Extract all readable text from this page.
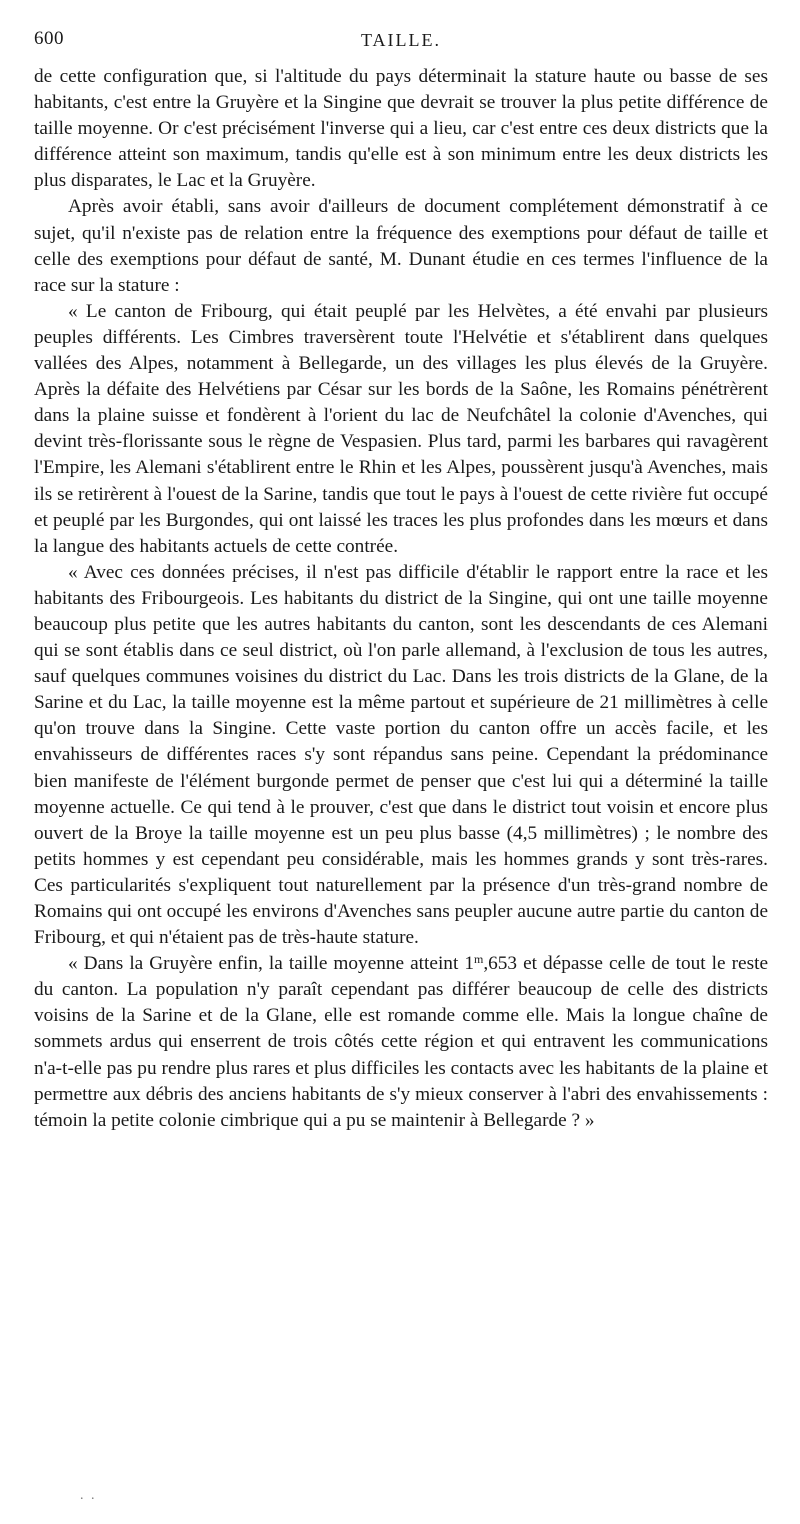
600	TAILLE.

de cette configuration que, si l'altitude du pays déterminait la stature haute ou basse de ses habitants, c'est entre la Gruyère et la Singine que devrait se trouver la plus petite différence de taille moyenne. Or c'est précisément l'inverse qui a lieu, car c'est entre ces deux districts que la différence atteint son maximum, tandis qu'elle est à son minimum entre les deux districts les plus disparates, le Lac et la Gruyère.

Après avoir établi, sans avoir d'ailleurs de document complétement démonstratif à ce sujet, qu'il n'existe pas de relation entre la fréquence des exemptions pour défaut de taille et celle des exemptions pour défaut de santé, M. Dunant étudie en ces termes l'influence de la race sur la stature :

« Le canton de Fribourg, qui était peuplé par les Helvètes, a été envahi par plusieurs peuples différents. Les Cimbres traversèrent toute l'Helvétie et s'établirent dans quelques vallées des Alpes, notamment à Bellegarde, un des villages les plus élevés de la Gruyère. Après la défaite des Helvétiens par César sur les bords de la Saône, les Romains pénétrèrent dans la plaine suisse et fondèrent à l'orient du lac de Neufchâtel la colonie d'Avenches, qui devint très-florissante sous le règne de Vespasien. Plus tard, parmi les barbares qui ravagèrent l'Empire, les Alemani s'établirent entre le Rhin et les Alpes, poussèrent jusqu'à Avenches, mais ils se retirèrent à l'ouest de la Sarine, tandis que tout le pays à l'ouest de cette rivière fut occupé et peuplé par les Burgondes, qui ont laissé les traces les plus profondes dans les mœurs et dans la langue des habitants actuels de cette contrée.

« Avec ces données précises, il n'est pas difficile d'établir le rapport entre la race et les habitants des Fribourgeois. Les habitants du district de la Singine, qui ont une taille moyenne beaucoup plus petite que les autres habitants du canton, sont les descendants de ces Alemani qui se sont établis dans ce seul district, où l'on parle allemand, à l'exclusion de tous les autres, sauf quelques communes voisines du district du Lac. Dans les trois districts de la Glane, de la Sarine et du Lac, la taille moyenne est la même partout et supérieure de 21 millimètres à celle qu'on trouve dans la Singine. Cette vaste portion du canton offre un accès facile, et les envahisseurs de différentes races s'y sont répandus sans peine. Cependant la prédominance bien manifeste de l'élément burgonde permet de penser que c'est lui qui a déterminé la taille moyenne actuelle. Ce qui tend à le prouver, c'est que dans le district tout voisin et encore plus ouvert de la Broye la taille moyenne est un peu plus basse (4,5 millimètres) ; le nombre des petits hommes y est cependant peu considérable, mais les hommes grands y sont très-rares. Ces particularités s'expliquent tout naturellement par la présence d'un très-grand nombre de Romains qui ont occupé les environs d'Avenches sans peupler aucune autre partie du canton de Fribourg, et qui n'étaient pas de très-haute stature.

« Dans la Gruyère enfin, la taille moyenne atteint 1$^m$,653 et dépasse celle de tout le reste du canton. La population n'y paraît cependant pas différer beaucoup de celle des districts voisins de la Sarine et de la Glane, elle est romande comme elle. Mais la longue chaîne de sommets ardus qui enserrent de trois côtés cette région et qui entravent les communications n'a-t-elle pas pu rendre plus rares et plus difficiles les contacts avec les habitants de la plaine et permettre aux débris des anciens habitants de s'y mieux conserver à l'abri des envahissements : témoin la petite colonie cimbrique qui a pu se maintenir à Bellegarde ? »

. .
